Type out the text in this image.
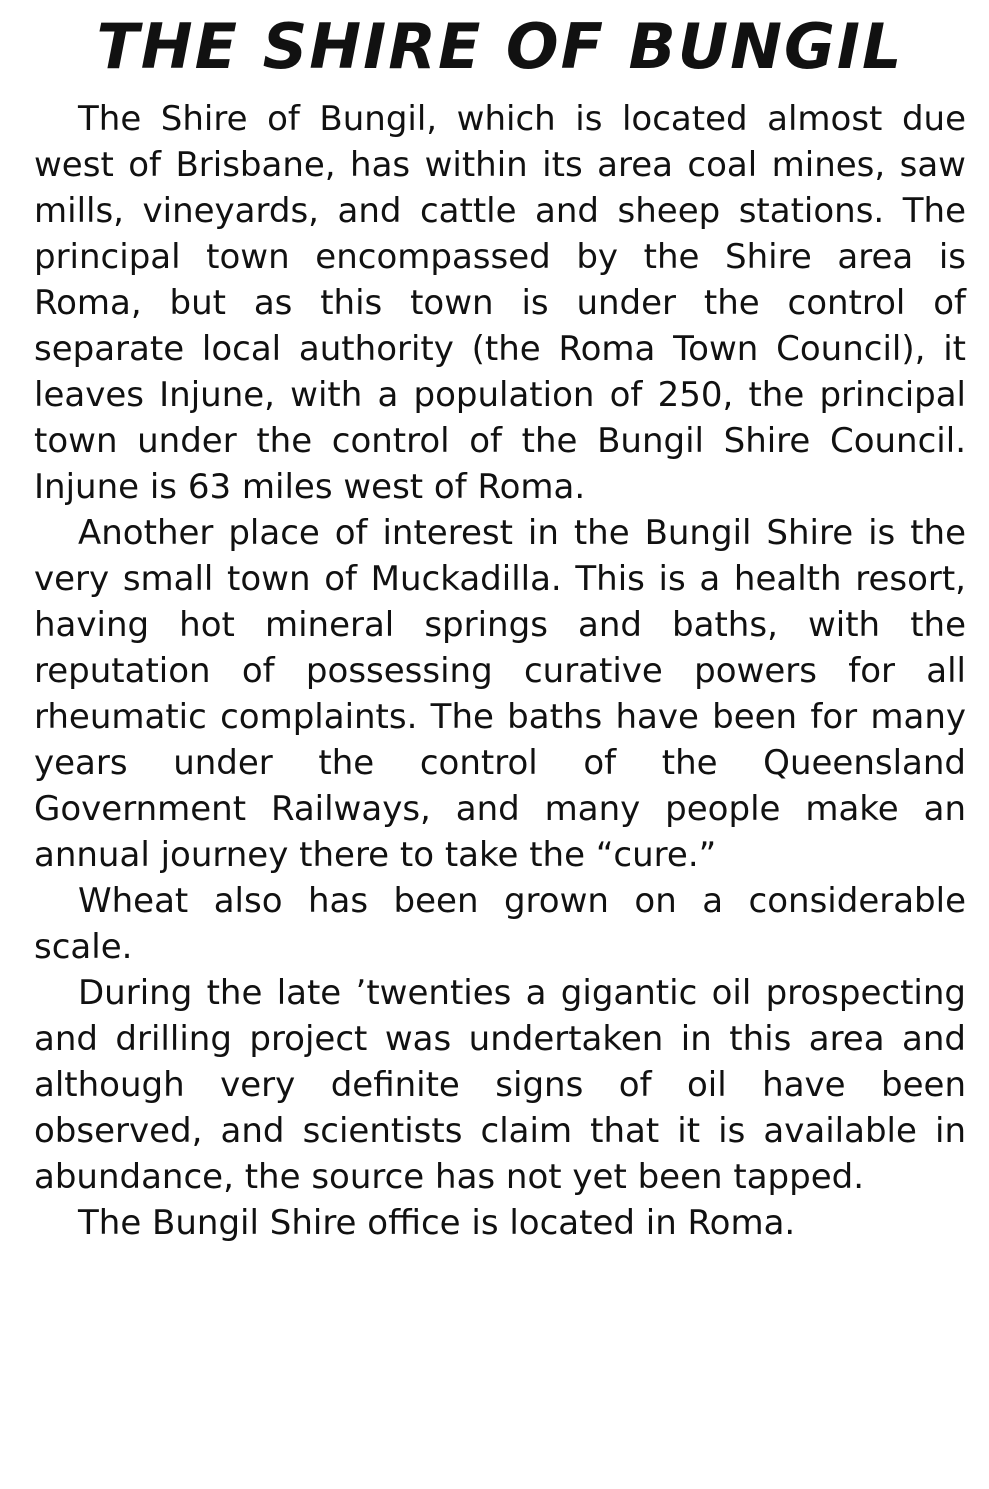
THE SHIRE OF BUNGIL

The Shire of Bungil, which is located almost due west of Brisbane, has within its area coal mines, saw mills, vineyards, and cattle and sheep stations. The principal town encompassed by the Shire area is Roma, but as this town is under the control of separate local authority (the Roma Town Council), it leaves Injune, with a population of 250, the principal town under the control of the Bungil Shire Council. Injune is 63 miles west of Roma.

Another place of interest in the Bungil Shire is the very small town of Muckadilla. This is a health resort, having hot mineral springs and baths, with the reputation of possessing curative powers for all rheumatic complaints. The baths have been for many years under the control of the Queensland Government Railways, and many people make an annual journey there to take the “cure.”

Wheat also has been grown on a considerable scale.

During the late ’twenties a gigantic oil prospecting and drilling project was undertaken in this area and although very definite signs of oil have been observed, and scientists claim that it is available in abundance, the source has not yet been tapped.

The Bungil Shire office is located in Roma.
